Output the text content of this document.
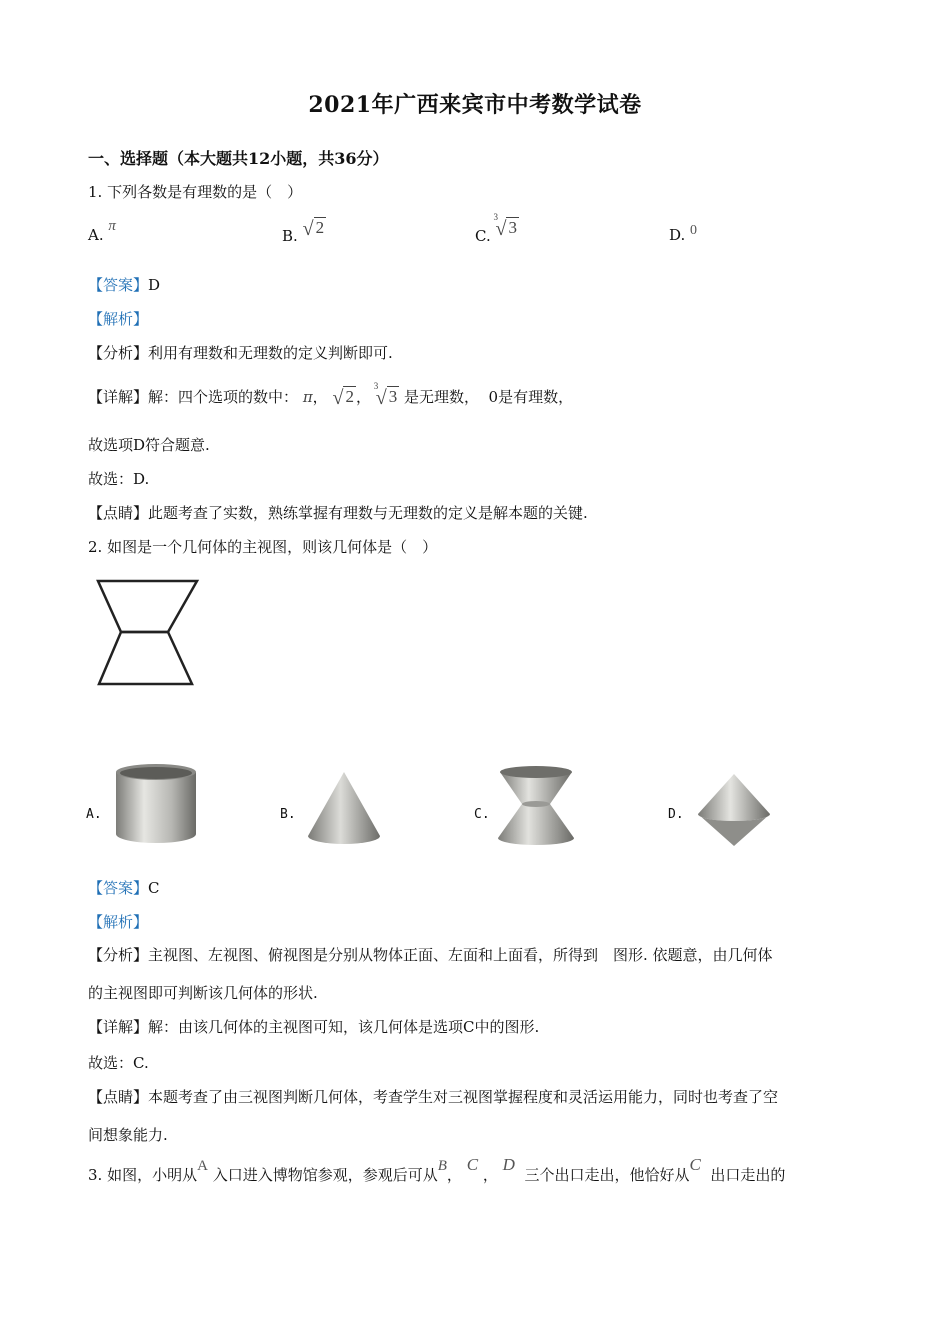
2021年广西来宾市中考数学试卷
一、选择题（本大题共12小题，共36分）
1. 下列各数是有理数的是（　）
A. π
B. √ 2	C.
3
√ 3	D. 0
【答案】D
【解析】
【分析】利用有理数和无理数的定义判断即可.
【详解】解：四个选项的数中： π， √ 2 ，
3
√ 3 是无理数， 0是有理数，
故选项D符合题意.
故选：D.
【点睛】此题考查了实数，熟练掌握有理数与无理数的定义是解本题的关键.
2. 如图是一个几何体的主视图，则该几何体是（　）
A.	B.	C.	D.
【答案】C
【解析】
【分析】主视图、左视图、俯视图是分别从物体正面、左面和上面看，所得到　图形. 依题意，由几何体
的主视图即可判断该几何体的形状.
【详解】解：由该几何体的主视图可知，该几何体是选项C中的图形.
故选：C.
【点睛】本题考查了由三视图判断几何体，考查学生对三视图掌握程度和灵活运用能力，同时也考查了空
间想象能力.
3. 如图，小明从A 入口进入博物馆参观，参观后可从B， C ， D  三个出口走出，他恰好从C  出口走出的
